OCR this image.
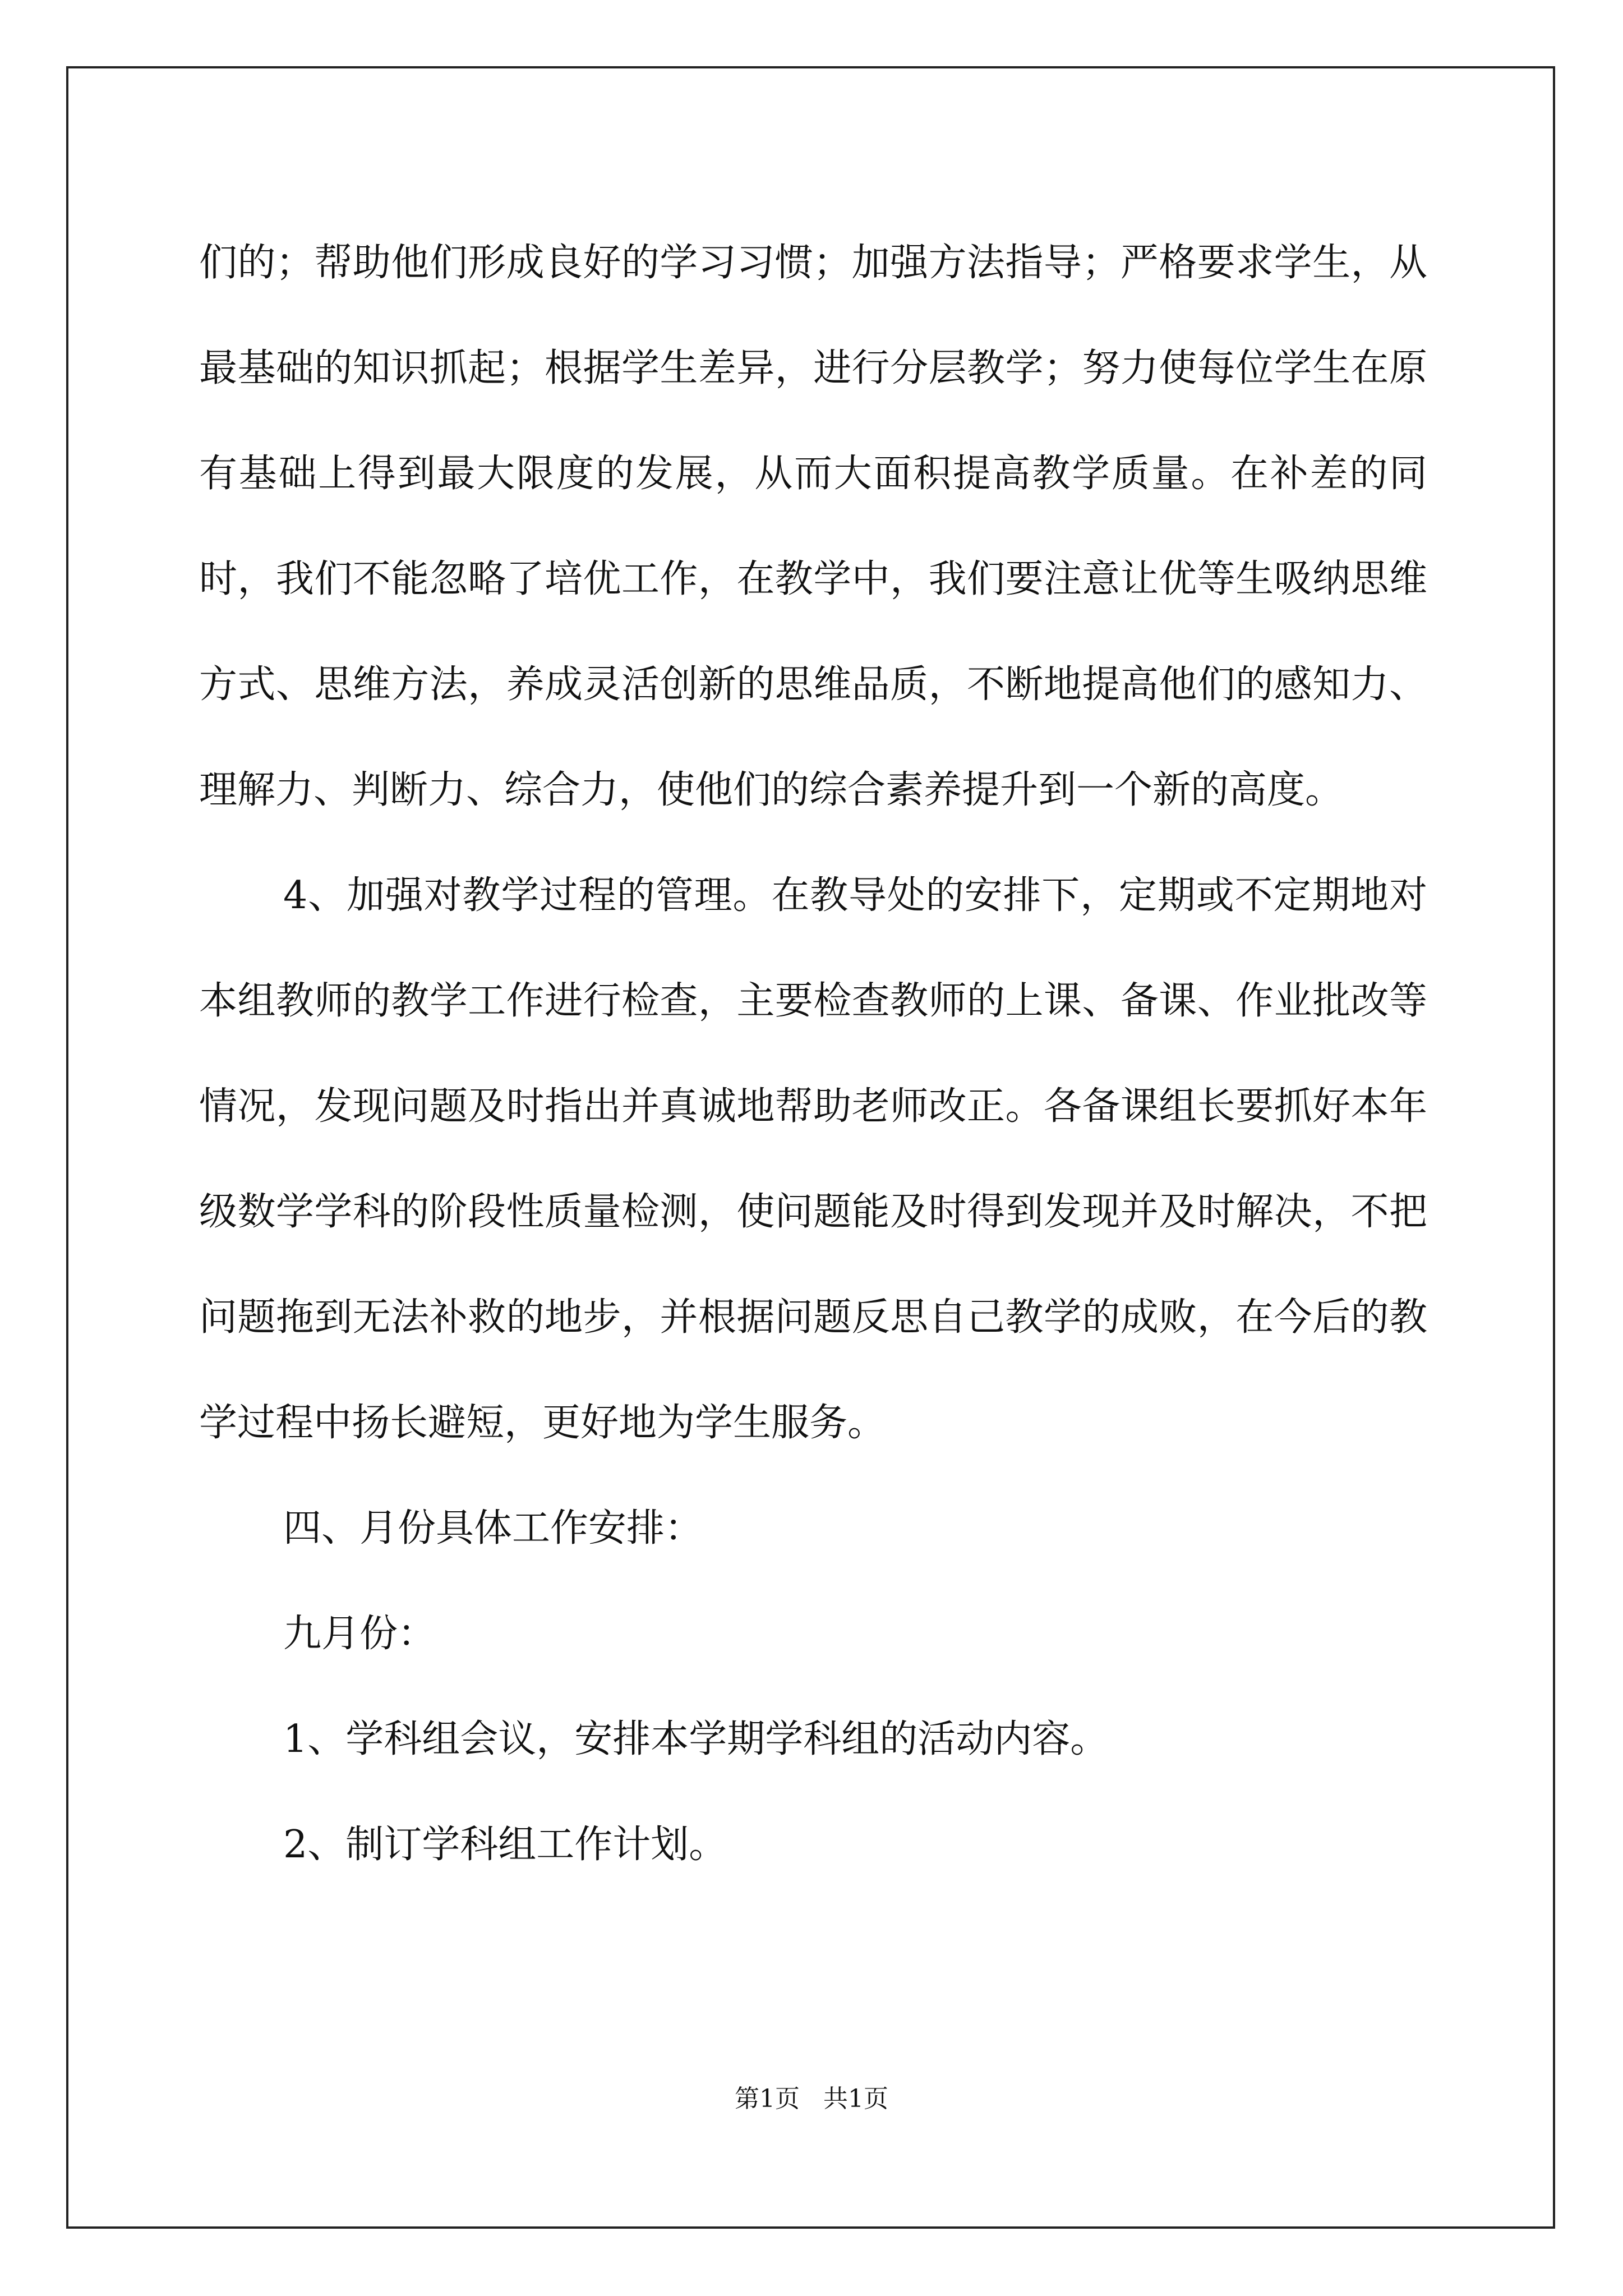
们的；帮助他们形成良好的学习习惯；加强方法指导；严格要求学生，从最基础的知识抓起；根据学生差异，进行分层教学；努力使每位学生在原有基础上得到最大限度的发展，从而大面积提高教学质量。在补差的同时，我们不能忽略了培优工作，在教学中，我们要注意让优等生吸纳思维方式、思维方法，养成灵活创新的思维品质，不断地提高他们的感知力、理解力、判断力、综合力，使他们的综合素养提升到一个新的高度。

4、加强对教学过程的管理。在教导处的安排下，定期或不定期地对本组教师的教学工作进行检查，主要检查教师的上课、备课、作业批改等情况，发现问题及时指出并真诚地帮助老师改正。各备课组长要抓好本年级数学学科的阶段性质量检测，使问题能及时得到发现并及时解决，不把问题拖到无法补救的地步，并根据问题反思自己教学的成败，在今后的教学过程中扬长避短，更好地为学生服务。

四、月份具体工作安排：

九月份：

1、学科组会议，安排本学期学科组的活动内容。

2、制订学科组工作计划。

第1页   共1页
